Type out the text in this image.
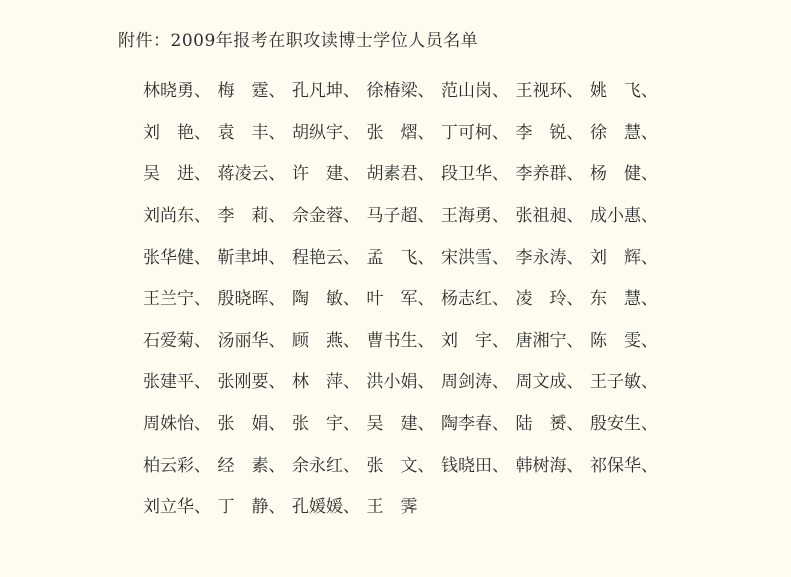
附件：2009年报考在职攻读博士学位人员名单
林 晓 勇 、 梅 霆 、 孔 凡 坤 、 徐 椿 梁 、 范 山 岗 、 王 视 环 、 姚 飞 、
刘 艳 、 袁 丰 、 胡 纵 宇 、 张 熠 、 丁 可 柯 、 李 锐 、 徐 慧 、
吴 进 、 蒋 凌 云 、 许 建 、 胡 素 君 、 段 卫 华 、 李 养 群 、 杨 健 、
刘 尚 东 、 李 莉 、 佘 金 蓉 、 马 子 超 、 王 海 勇 、 张 祖 昶 、 成 小 惠 、
张 华 健 、 靳 聿 坤 、 程 艳 云 、 孟 飞 、 宋 洪 雪 、 李 永 涛 、 刘 辉 、
王 兰 宁 、 殷 晓 晖 、 陶 敏 、 叶 军 、 杨 志 红 、 凌 玲 、 东 慧 、
石 爱 菊 、 汤 丽 华 、 顾 燕 、 曹 书 生 、 刘 宇 、 唐 湘 宁 、 陈 雯 、
张 建 平 、 张 刚 要 、 林 萍 、 洪 小 娟 、 周 剑 涛 、 周 文 成 、 王 子 敏 、
周 姝 怡 、 张 娟 、 张 宇 、 吴 建 、 陶 李 春 、 陆 赟 、 殷 安 生 、
柏 云 彩 、 经 素 、 余 永 红 、 张 文 、 钱 晓 田 、 韩 树 海 、 祁 保 华 、
刘 立 华 、 丁 静 、 孔 媛 媛 、 王 霁
